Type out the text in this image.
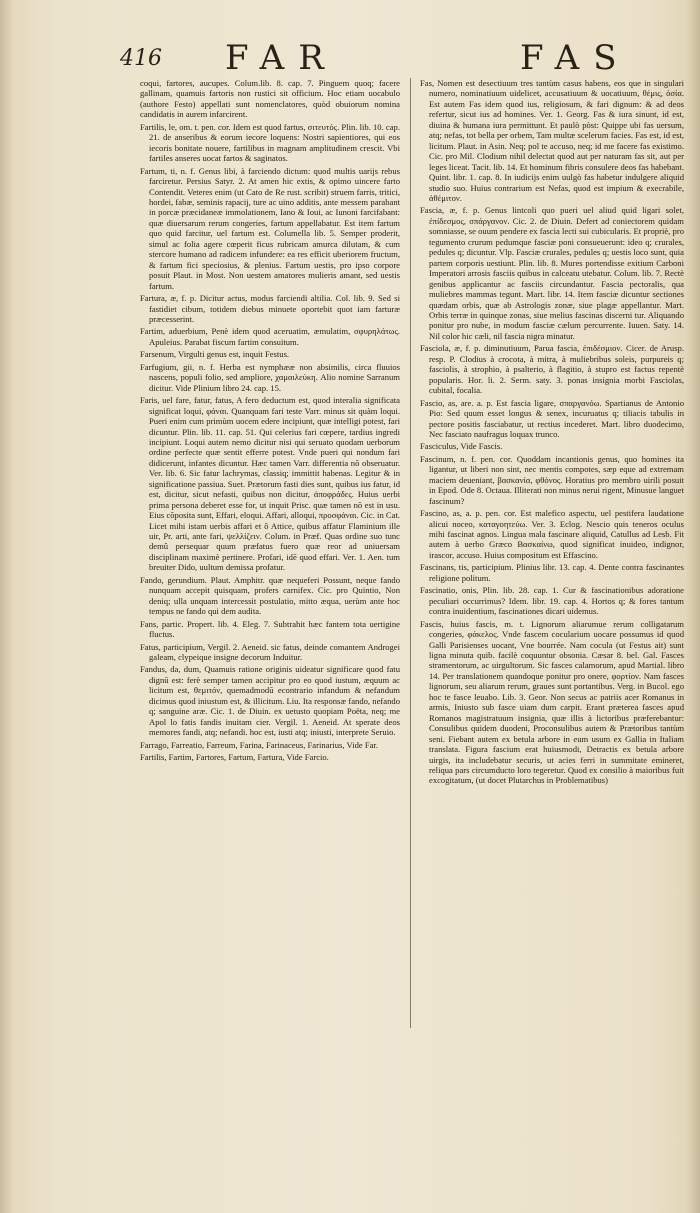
416 FAR	FAS

coqui, fartores, aucupes. Colum.lib. 8. cap. 7. Pinguem quoq; facere gallinam, quamuis fartoris non rustici sit officium. Hoc etiam uocabulo (authore Festo) appellati sunt nomenclatores, quòd obuiorum nomina candidatis in aurem infarcirent.

Fartilis, le, om. t. pen. cor. Idem est quod fartus, σιτευτός. Plin. lib. 10. cap. 21. de anseribus & eorum iecore loquens: Nostri sapientiores, qui eos iecoris bonitate nouere, fartilibus in magnam amplitudinem crescit. Vbi fartiles anseres uocat fartos & saginatos.

Fartum, ti, n. f. Genus libi, à farciendo dictum: quod multis uarijs rebus farciretur. Persius Satyr. 2. At amen hic extis, & opimo uincere farto Contendit. Veteres enim (ut Cato de Re rust. scribit) struem farris, tritici, hordei, fabæ, seminis rapacij, ture ac uino additis, ante messem parabant in porcæ præcidaneæ immolationem, Iano & Ioui, ac Iunoni farcifabant: quæ diuersarum rerum congeries, fartum appellabatur. Est item fartum quo quid farcitur, uel fartum est. Columella lib. 5. Semper proderit, simul ac folia agere cœperit ficus rubricam amurca dilutam, & cum stercore humano ad radicem infundere: ea res efficit uberiorem fructum, & fartum fici speciosius, & plenius. Fartum uestis, pro ipso corpore posuit Plaut. in Most. Non uestem amatores mulieris amant, sed uestis fartum.

Fartura, æ, f. p. Dicitur actus, modus farciendi altilia. Col. lib. 9. Sed si fastidiet cibum, totidem diebus minuete oportebit quot iam farturæ præcesserint.

Fartim, aduerbium, Penè idem quod aceruatim, æmulatim, σφυρηλάτως. Apuleius. Parabat fiscum fartim consuitum.

Farsenum, Virgulti genus est, inquit Festus.

Farfugium, gii, n. f. Herba est nymphææ non absimilis, circa fluuios nascens, populi folio, sed ampliore, χαμαιλεύκη. Alio nomine Sarranum dicitur. Vide Plinium libro 24. cap. 15.

Faris, uel fare, fatur, fatus, A fero deductum est, quod interalia significata significat loqui, φάναι. Quanquam fari teste Varr. minus sit quàm loqui. Pueri enim cum primùm uocem edere incipiunt, quæ intelligi potest, fari dicuntur. Plin. lib. 11. cap. 51. Qui celerius fari cœpere, tardius ingredi incipiunt. Loqui autem nemo dicitur nisi qui seruato quodam uerborum ordine perfecte quæ sentit efferre potest. Vnde pueri qui nondum fari didicerunt, infantes dicuntur. Hæc tamen Varr. differentia nõ obseruatur. Ver. lib. 6. Sic fatur lachrymas, classiq; immittit habenas. Legitur & in significatione passiua. Suet. Prætorum fasti dies sunt, quibus ius fatur, id est, dicitur, sicut nefasti, quibus non dicitur, ἀποφράδες. Huius uerbi prima persona deberet esse for, ut inquit Prisc. quæ tamen nõ est in usu. Eius cõposita sunt, Effari, eloqui. Affari, alloqui, προσφάναι. Cic. in Cat. Licet mihi istam uerbis affari et ô Attice, quibus affatur Flaminium ille uir, Pr. arti, ante fari, ψελλίζειν. Colum. in Præf. Quas ordine suo tunc demû persequar quum præfatus fuero quæ reor ad uniuersam disciplinam maximè pertinere. Profari, idē quod effari. Ver. 1. Aen. tum breuiter Dido, uultum demissa profatur.

Fando, gerundium. Plaut. Amphitr. quæ nequeferi Possunt, neque fando nunquam accepit quisquam, profers carnifex. Cic. pro Quintio, Non deniq; ulla unquam intercessit postulatio, mitto æqua, uerùm ante hoc tempus ne fando qui dem audita.

Fans, partic. Propert. lib. 4. Eleg. 7. Subtrahit hæc fantem tota uertigine fluctus.

Fatus, participium, Vergil. 2. Aeneid. sic fatus, deinde comantem Androgei galeam, clypeique insigne decorum Induitur.

Fandus, da, dum, Quamuis ratione originis uideatur significare quod fatu dignū est: ferè semper tamen accipitur pro eo quod iustum, æquum ac licitum est, θεμιτόν, quemadmodū econtrario infandum & nefandum dicimus quod iniustum est, & illicitum. Liu. Ita responsæ fando, nefando q; sanguine aræ. Cic. 1. de Diuin. ex uetusto quopiam Poëta, neq; me Apol lo fatis fandis inuitam cier. Vergil. 1. Aeneid. At sperate deos memores fandi, atq; nefandi. hoc est, iusti atq; iniusti, interprete Seruio.

Farrago, Farreatio, Farreum, Farina, Farinaceus, Farinarius, Vide Far.

Fartilis, Fartim, Fartores, Fartum, Fartura, Vide Farcio.

Fas, Nomen est desectiuum tres tantùm casus habens, eos que in singulari numero, nominatiuum uidelicet, accusatiuum & uocatiuum, θέμις, ὁσία. Est autem Fas idem quod ius, religiosum, & fari dignum: & ad deos refertur, sicut ius ad homines. Ver. 1. Georg. Fas & iura sinunt, id est, diuina & humana iura permittunt. Et paulò pòst: Quippe ubi fas uersum, atq; nefas, tot bella per orbem, Tam multæ scelerum facies. Fas est, id est, licitum. Plaut. in Asin. Neq; pol te accuso, neq; id me facere fas existimo. Cic. pro Mil. Clodium nihil delectat quod aut per naturam fas sit, aut per leges liceat. Tacit. lib. 14. Et hominum fibris consulere deos fas habebant. Quint. libr. 1. cap. 8. In iudicijs enim uulgò fas habetur indulgere aliquid studio suo. Huius contrarium est Nefas, quod est impium & execrabile, ἀθέμιτον.

Fascia, æ, f. p. Genus lintcoli quo pueri uel aliud quid ligari solet, ἐπίδεσμος, σπάργανον. Cic. 2. de Diuin. Defert ad coniectorem quidam somniasse, se ouum pendere ex fascia lecti sui cubicularis. Et propriè, pro tegumento crurum pedumque fasciæ poni consueuerunt: ideo q; crurales, pedules q; dicuntur. Vlp. Fasciæ crurales, pedules q; uestis loco sunt, quia partem corporis uestiunt. Plin. lib. 8. Mures portendisse exitium Carboni Imperatori arrosis fasciis quibus in calceatu utebatur. Colum. lib. 7. Rectè genibus applicantur ac fasciis circundantur. Fascia pectoralis, qua muliebres mammas tegunt. Mart. libr. 14. Item fasciæ dicuntur sectiones quædam orbis, quæ ab Astrologis zonæ, siue plagæ appellantur. Mart. Orbis terræ in quinque zonas, siue melius fascinas discerni tur. Aliquando ponitur pro nube, in modum fasciæ cælum percurrente. Iuuen. Saty. 14. Nil color hic cæli, nil fascia nigra minatur.

Fasciola, æ, f. p. diminutiuum, Parua fascia, ἐπιδέσμιον. Cicer. de Arusp. resp. P. Clodius à crocota, à mitra, à muliebribus soleis, purpureis q; fasciolis, à strophio, à psalterio, à flagitio, à stupro est factus repentè popularis. Hor. li. 2. Serm. saty. 3. ponas insignia morbi Fasciolas, cubital, focalia.

Fascio, as, are. a. p. Est fascia ligare, σπαργανόω. Spartianus de Antonio Pio: Sed quum esset longus & senex, incuruatus q; tiliacis tabulis in pectore positis fasciabatur, ut rectius incederet. Mart. libro duodecimo, Nec fasciato naufragus loquax trunco.

Fasciculus, Vide Fascis.

Fascinum, n. f. pen. cor. Quoddam incantionis genus, quo homines ita ligantur, ut liberi non sint, nec mentis compotes, sæp eque ad extremam maciem deueniant, βασκανία, φθόνος. Horatius pro membro uirili posuit in Epod. Ode 8. Octaua. Illiterati non minus nerui rigent, Minusue languet fascinum?

Fascino, as, a. p. pen. cor. Est malefico aspectu, uel pestifera laudatione alicui noceo, καταγοητεύω. Ver. 3. Eclog. Nescio quis teneros oculus mihi fascinat agnos. Lingua mala fascinare aliquid, Catullus ad Lesb. Fit autem à uerbo Græco Βασκαίνω, quod significat inuideo, indignor, irascor, accuso. Huius compositum est Effascino.

Fascinans, tis, participium. Plinius libr. 13. cap. 4. Dente contra fascinantes religione politum.

Fascinatio, onis, Plin. lib. 28. cap. 1. Cur & fascinationibus adoratione peculiari occurrimus? Idem. libr. 19. cap. 4. Hortos q; & fores tantum contra inuidentium, fascinationes dicari uidemus.

Fascis, huius fascis, m. t. Lignorum aliarumue rerum colligatarum congeries, φάκελος. Vnde fascem cocularium uocare possumus id quod Galli Parisienses uocant, Vne bourrée. Nam cocula (ut Festus ait) sunt ligna minuta quib. facilè coquuntur obsonia. Cæsar 8. bel. Gal. Fasces stramentorum, ac uirgultorum. Sic fasces calamorum, apud Martial. libro 14. Per translationem quandoque ponitur pro onere, φορτίον. Nam fasces lignorum, seu aliarum rerum, graues sunt portantibus. Verg. in Bucol. ego hoc te fasce leuabo. Lib. 3. Geor. Non secus ac patriis acer Romanus in armis, Iniusto sub fasce uiam dum carpit. Erant præterea fasces apud Romanos magistratuum insignia, quæ illis à lictoribus præferebantur: Consulibus quidem duodeni, Proconsulibus autem & Prætoribus tantùm seni. Fiebant autem ex betula arbore in eum usum ex Gallia in Italiam translata. Figura fascium erat huiusmodi, Detractis ex betula arbore uirgis, ita includebatur securis, ut acies ferri in summitate emineret, reliqua pars circumducto loro tegeretur. Quod ex consilio à maioribus fuit excogitatum, (ut docet Plutarchus in Problematibus)
